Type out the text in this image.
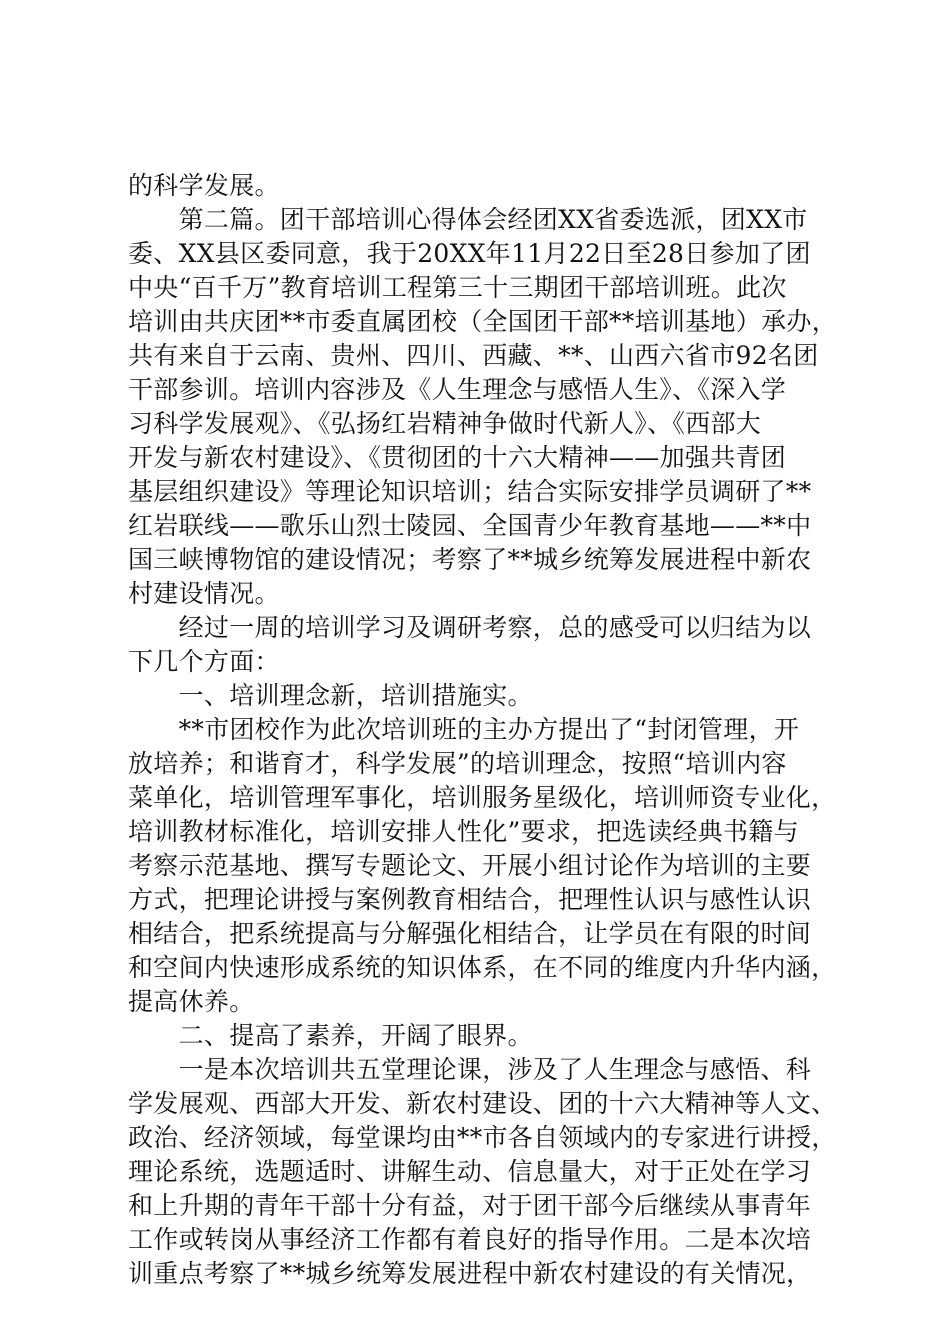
的科学发展。
　　第二篇。团干部培训心得体会经团XX省委选派，团XX市
委、XX县区委同意，我于20XX年11月22日至28日参加了团
中央“百千万”教育培训工程第三十三期团干部培训班。此次
培训由共庆团**市委直属团校（全国团干部**培训基地）承办，
共有来自于云南、贵州、四川、西藏、**、山西六省市92名团
干部参训。培训内容涉及《人生理念与感悟人生》、《深入学
习科学发展观》、《弘扬红岩精神争做时代新人》、《西部大
开发与新农村建设》、《贯彻团的十六大精神——加强共青团
基层组织建设》等理论知识培训；结合实际安排学员调研了**
红岩联线——歌乐山烈士陵园、全国青少年教育基地——**中
国三峡博物馆的建设情况；考察了**城乡统筹发展进程中新农
村建设情况。
　　经过一周的培训学习及调研考察，总的感受可以归结为以
下几个方面：
　　一、培训理念新，培训措施实。
　　**市团校作为此次培训班的主办方提出了“封闭管理，开
放培养；和谐育才，科学发展”的培训理念，按照“培训内容
菜单化，培训管理军事化，培训服务星级化，培训师资专业化，
培训教材标准化，培训安排人性化”要求，把选读经典书籍与
考察示范基地、撰写专题论文、开展小组讨论作为培训的主要
方式，把理论讲授与案例教育相结合，把理性认识与感性认识
相结合，把系统提高与分解强化相结合，让学员在有限的时间
和空间内快速形成系统的知识体系，在不同的维度内升华内涵，
提高休养。
　　二、提高了素养，开阔了眼界。
　　一是本次培训共五堂理论课，涉及了人生理念与感悟、科
学发展观、西部大开发、新农村建设、团的十六大精神等人文、
政治、经济领域，每堂课均由**市各自领域内的专家进行讲授，
理论系统，选题适时、讲解生动、信息量大，对于正处在学习
和上升期的青年干部十分有益，对于团干部今后继续从事青年
工作或转岗从事经济工作都有着良好的指导作用。二是本次培
训重点考察了**城乡统筹发展进程中新农村建设的有关情况，
